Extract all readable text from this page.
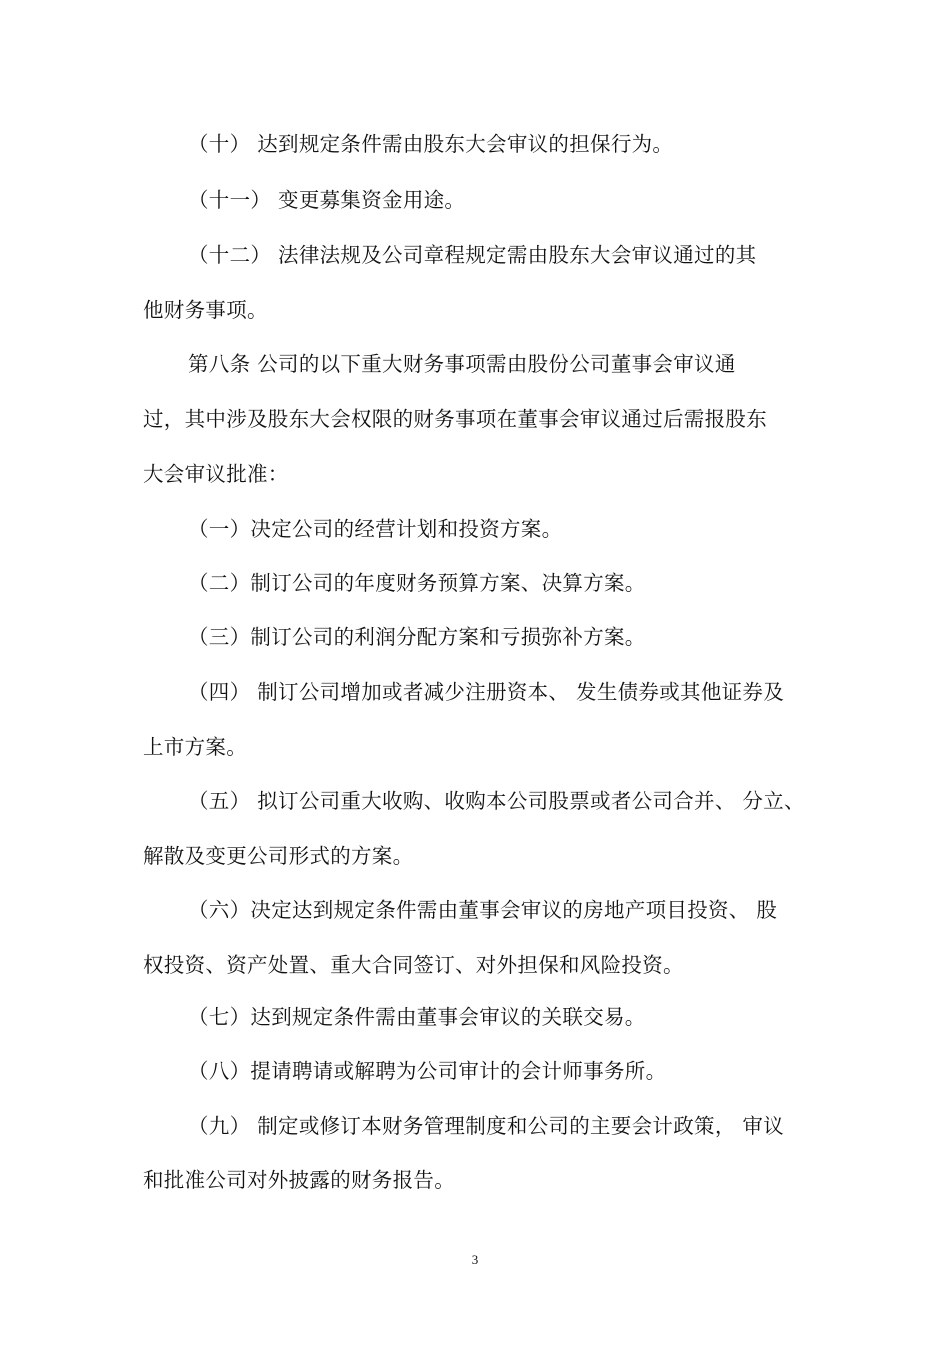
（十） 达到规定条件需由股东大会审议的担保行为。
（十一） 变更募集资金用途。
（十二） 法律法规及公司章程规定需由股东大会审议通过的其
他财务事项。
第八条 公司的以下重大财务事项需由股份公司董事会审议通
过，其中涉及股东大会权限的财务事项在董事会审议通过后需报股东
大会审议批准：
（一）决定公司的经营计划和投资方案。
（二）制订公司的年度财务预算方案、决算方案。
（三）制订公司的利润分配方案和亏损弥补方案。
（四） 制订公司增加或者减少注册资本、 发生债券或其他证券及
上市方案。
（五） 拟订公司重大收购、收购本公司股票或者公司合并、 分立、
解散及变更公司形式的方案。
（六）决定达到规定条件需由董事会审议的房地产项目投资、 股
权投资、资产处置、重大合同签订、对外担保和风险投资。
（七）达到规定条件需由董事会审议的关联交易。
（八）提请聘请或解聘为公司审计的会计师事务所。
（九） 制定或修订本财务管理制度和公司的主要会计政策， 审议
和批准公司对外披露的财务报告。
3
